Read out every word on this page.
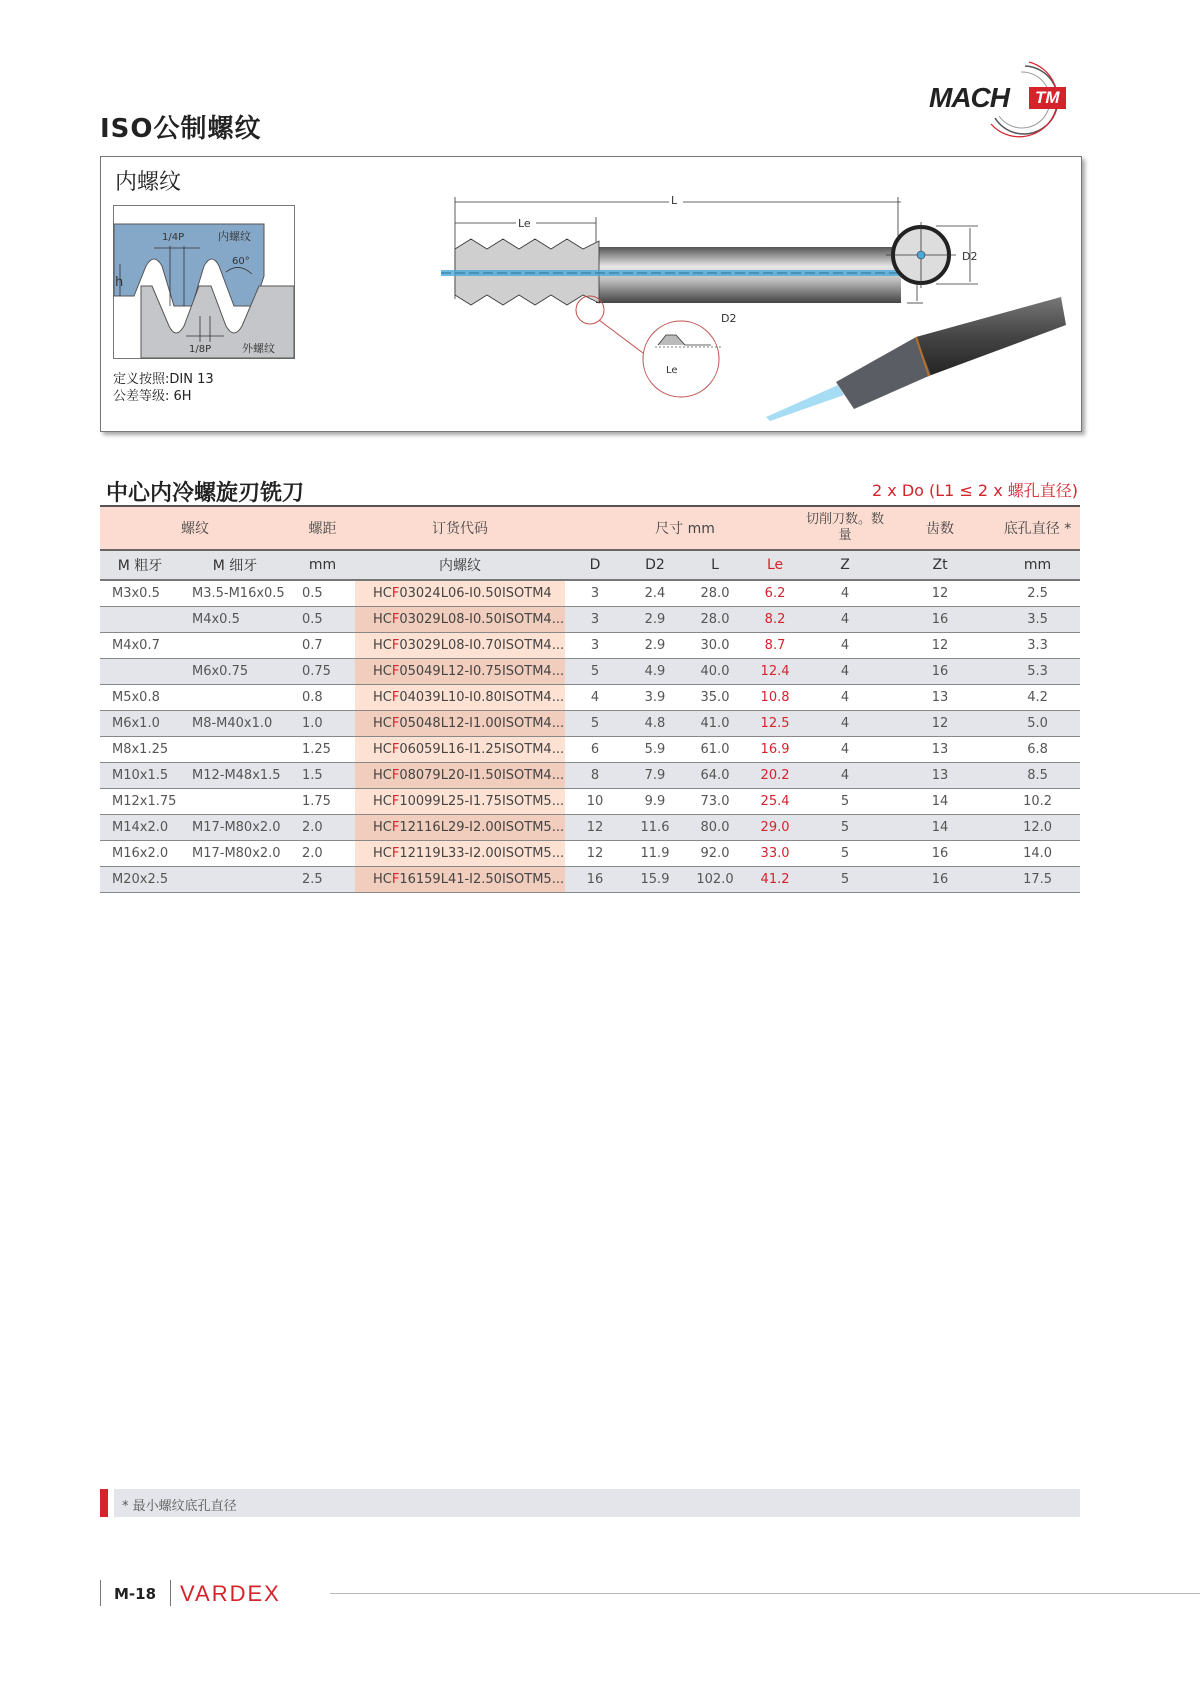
ISO公制螺纹
MACH	TM
内螺纹
1/4P	内螺纹
60°
h
1/8P	外螺纹
定义按照:DIN 13
公差等级: 6H
L
Le
D2
Le
D2
中心内冷螺旋刃铣刀	2 x Do (L1 ≤ 2 x 螺孔直径)
螺纹		螺距	订货代码	尺寸 mm				切削刀数。数量	齿数	底孔直径 *
M 粗牙	M 细牙	mm	内螺纹	D	D2	L	Le	Z	Zt	mm
M3x0.5	M3.5-M16x0.5	0.5	HCF03024L06-I0.50ISOTM4	3	2.4	28.0	6.2	4	12	2.5
	M4x0.5	0.5	HCF03029L08-I0.50ISOTM4...	3	2.9	28.0	8.2	4	16	3.5
M4x0.7		0.7	HCF03029L08-I0.70ISOTM4...	3	2.9	30.0	8.7	4	12	3.3
	M6x0.75	0.75	HCF05049L12-I0.75ISOTM4...	5	4.9	40.0	12.4	4	16	5.3
M5x0.8		0.8	HCF04039L10-I0.80ISOTM4...	4	3.9	35.0	10.8	4	13	4.2
M6x1.0	M8-M40x1.0	1.0	HCF05048L12-I1.00ISOTM4...	5	4.8	41.0	12.5	4	12	5.0
M8x1.25		1.25	HCF06059L16-I1.25ISOTM4...	6	5.9	61.0	16.9	4	13	6.8
M10x1.5	M12-M48x1.5	1.5	HCF08079L20-I1.50ISOTM4...	8	7.9	64.0	20.2	4	13	8.5
M12x1.75		1.75	HCF10099L25-I1.75ISOTM5...	10	9.9	73.0	25.4	5	14	10.2
M14x2.0	M17-M80x2.0	2.0	HCF12116L29-I2.00ISOTM5...	12	11.6	80.0	29.0	5	14	12.0
M16x2.0	M17-M80x2.0	2.0	HCF12119L33-I2.00ISOTM5...	12	11.9	92.0	33.0	5	16	14.0
M20x2.5		2.5	HCF16159L41-I2.50ISOTM5...	16	15.9	102.0	41.2	5	16	17.5
* 最小螺纹底孔直径
M-18 VARDEX
